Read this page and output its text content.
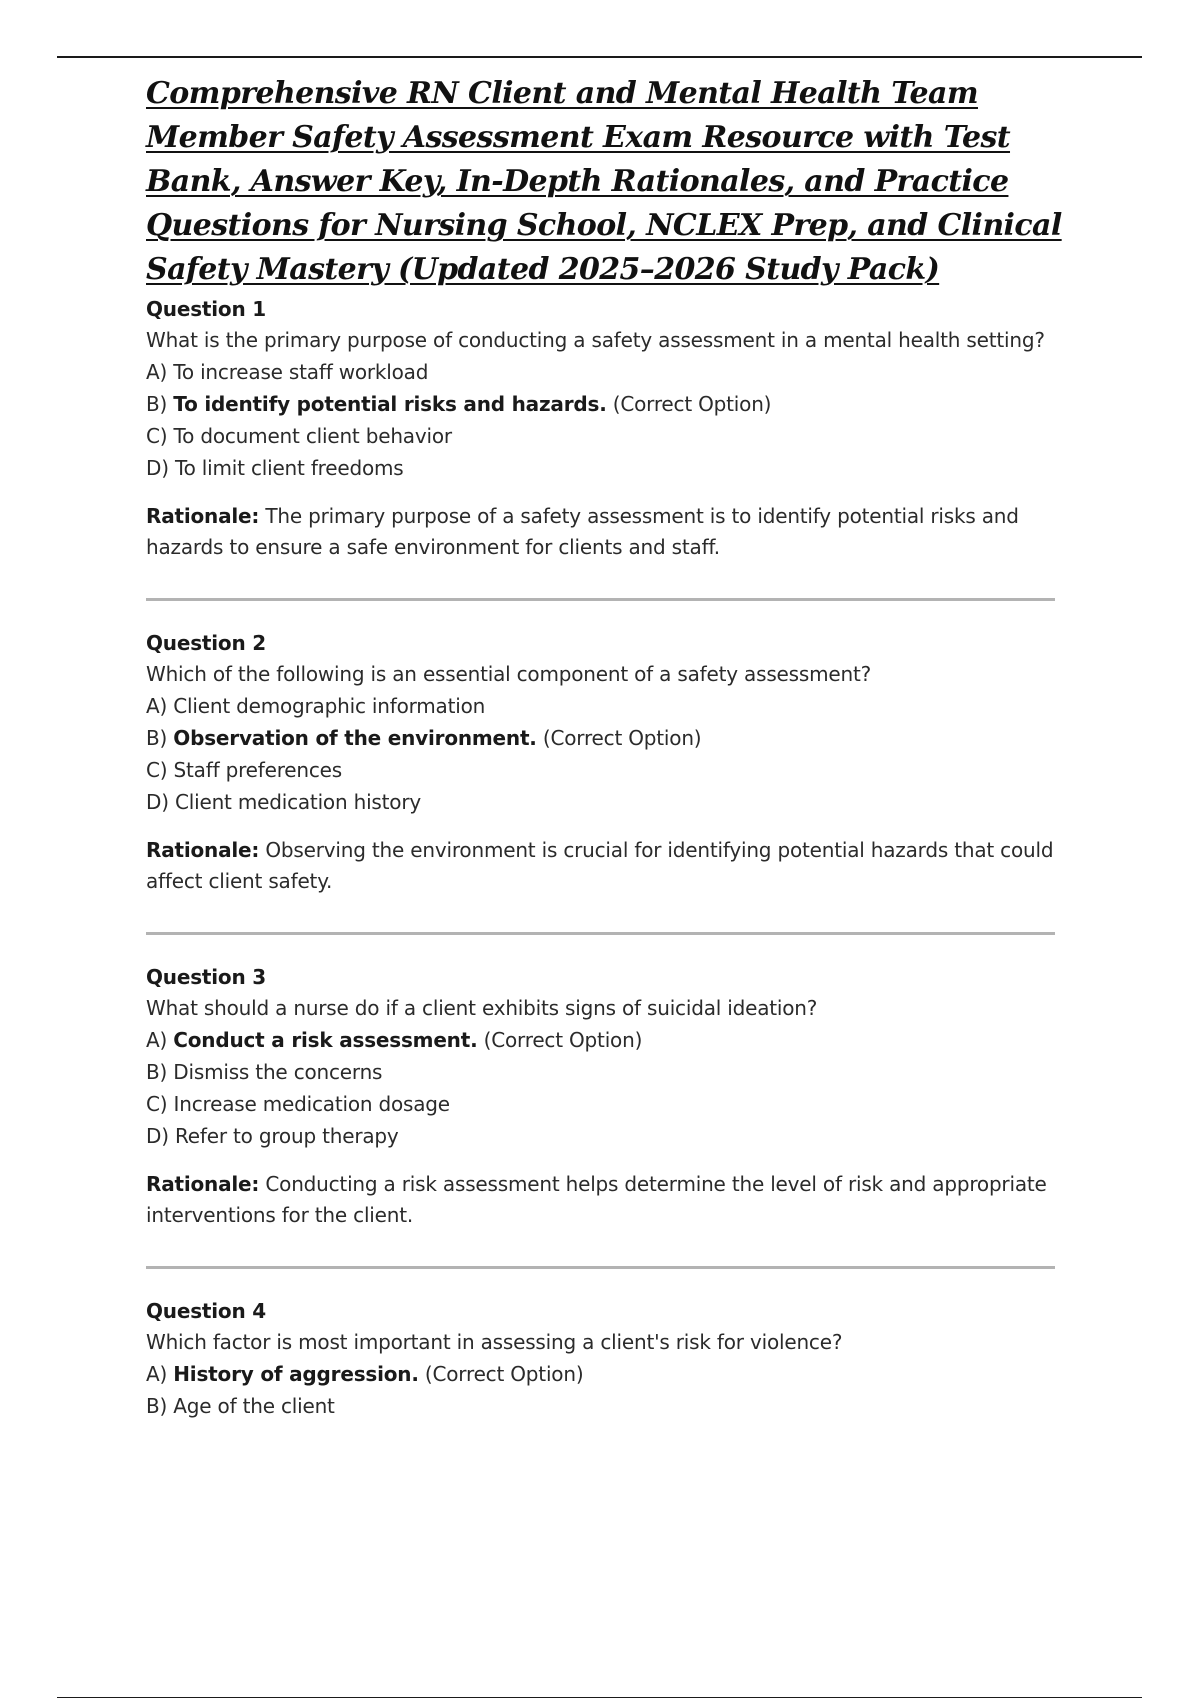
Comprehensive RN Client and Mental Health Team Member Safety Assessment Exam Resource with Test Bank, Answer Key, In-Depth Rationales, and Practice Questions for Nursing School, NCLEX Prep, and Clinical Safety Mastery (Updated 2025–2026 Study Pack)
Question 1

What is the primary purpose of conducting a safety assessment in a mental health setting?

A) To increase staff workload
B) To identify potential risks and hazards. (Correct Option)
C) To document client behavior
D) To limit client freedoms

Rationale: The primary purpose of a safety assessment is to identify potential risks and hazards to ensure a safe environment for clients and staff.

Question 2

Which of the following is an essential component of a safety assessment?

A) Client demographic information
B) Observation of the environment. (Correct Option)
C) Staff preferences
D) Client medication history

Rationale: Observing the environment is crucial for identifying potential hazards that could affect client safety.

Question 3

What should a nurse do if a client exhibits signs of suicidal ideation?

A) Conduct a risk assessment. (Correct Option)
B) Dismiss the concerns
C) Increase medication dosage
D) Refer to group therapy

Rationale: Conducting a risk assessment helps determine the level of risk and appropriate interventions for the client.

Question 4

Which factor is most important in assessing a client's risk for violence?

A) History of aggression. (Correct Option)
B) Age of the client
